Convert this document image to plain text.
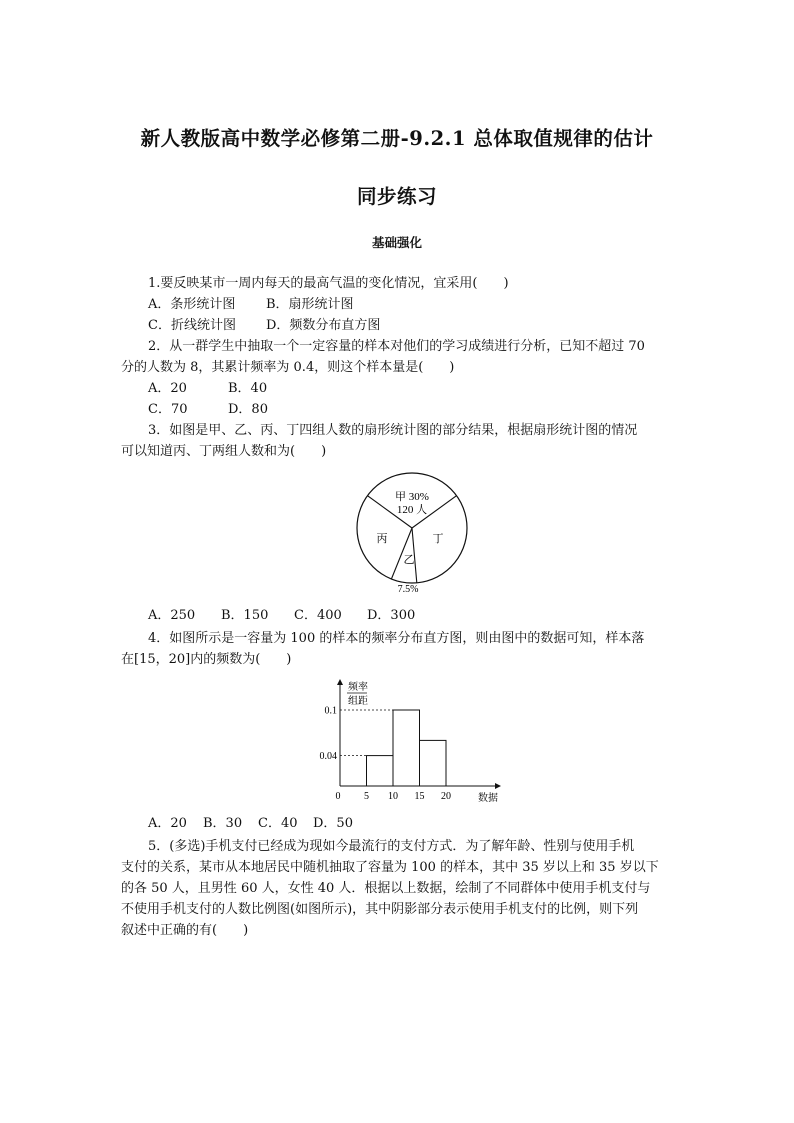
新人教版高中数学必修第二册-9.2.1 总体取值规律的估计
同步练习
基础强化
1.要反映某市一周内每天的最高气温的变化情况，宜采用(　　)
A．条形统计图 B．扇形统计图
C．折线统计图 D．频数分布直方图
2．从一群学生中抽取一个一定容量的样本对他们的学习成绩进行分析，已知不超过 70
分的人数为 8，其累计频率为 0.4，则这个样本量是(　　)
A．20	B．40
C．70	D．80
3．如图是甲、乙、丙、丁四组人数的扇形统计图的部分结果，根据扇形统计图的情况
可以知道丙、丁两组人数和为(　　)
甲 30%
120 人
丙	丁
乙
7.5%
A．250 B．150 C．400 D．300
4．如图所示是一容量为 100 的样本的频率分布直方图，则由图中的数据可知，样本落
在[15，20]内的频数为(　　)
频率
组距
数据
0.04
0.1
0 5 10 15 20
A．20 B．30 C．40 D．50
5．(多选)手机支付已经成为现如今最流行的支付方式．为了解年龄、性别与使用手机
支付的关系，某市从本地居民中随机抽取了容量为 100 的样本，其中 35 岁以上和 35 岁以下
的各 50 人，且男性 60 人，女性 40 人．根据以上数据，绘制了不同群体中使用手机支付与
不使用手机支付的人数比例图(如图所示)，其中阴影部分表示使用手机支付的比例，则下列
叙述中正确的有(　　)
